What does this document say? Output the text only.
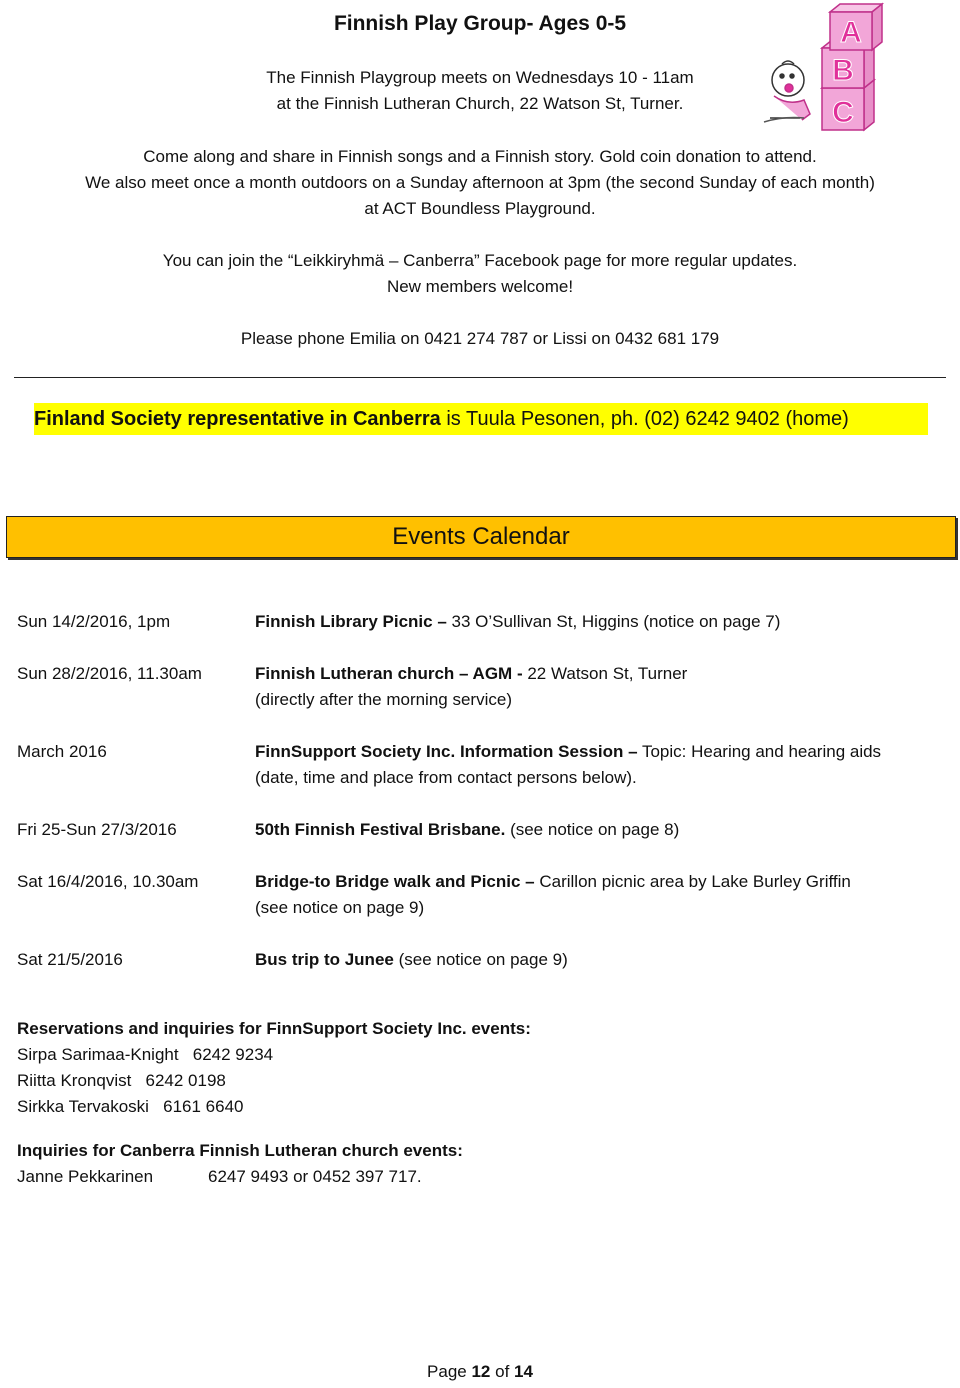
Finnish Play Group- Ages 0-5	A
B
C
The Finnish Playgroup meets on Wednesdays 10 - 11am
at the Finnish Lutheran Church, 22 Watson St, Turner.
Come along and share in Finnish songs and a Finnish story. Gold coin donation to attend.
We also meet once a month outdoors on a Sunday afternoon at 3pm (the second Sunday of each month)
at ACT Boundless Playground.
You can join the “Leikkiryhmä – Canberra” Facebook page for more regular updates.
New members welcome!
Please phone Emilia on 0421 274 787 or Lissi on 0432 681 179
Finland Society representative in Canberra is Tuula Pesonen, ph. (02) 6242 9402 (home)
Events Calendar
Sun 14/2/2016, 1pm	Finnish Library Picnic – 33 O’Sullivan St, Higgins (notice on page 7)

Sun 28/2/2016, 11.30am	Finnish Lutheran church – AGM - 22 Watson St, Turner
(directly after the morning service)
March 2016	FinnSupport Society Inc. Information Session – Topic: Hearing and hearing aids
(date, time and place from contact persons below).
Fri 25-Sun 27/3/2016	50th Finnish Festival Brisbane. (see notice on page 8)

Sat 16/4/2016, 10.30am	Bridge-to Bridge walk and Picnic – Carillon picnic area by Lake Burley Griffin
(see notice on page 9)
Sat 21/5/2016	Bus trip to Junee (see notice on page 9)

Reservations and inquiries for FinnSupport Society Inc. events:
Sirpa Sarimaa-Knight 6242 9234
Riitta Kronqvist 6242 0198
Sirkka Tervakoski 6161 6640
Inquiries for Canberra Finnish Lutheran church events:
Janne Pekkarinen	6247 9493 or 0452 397 717.
Page 12 of 14
